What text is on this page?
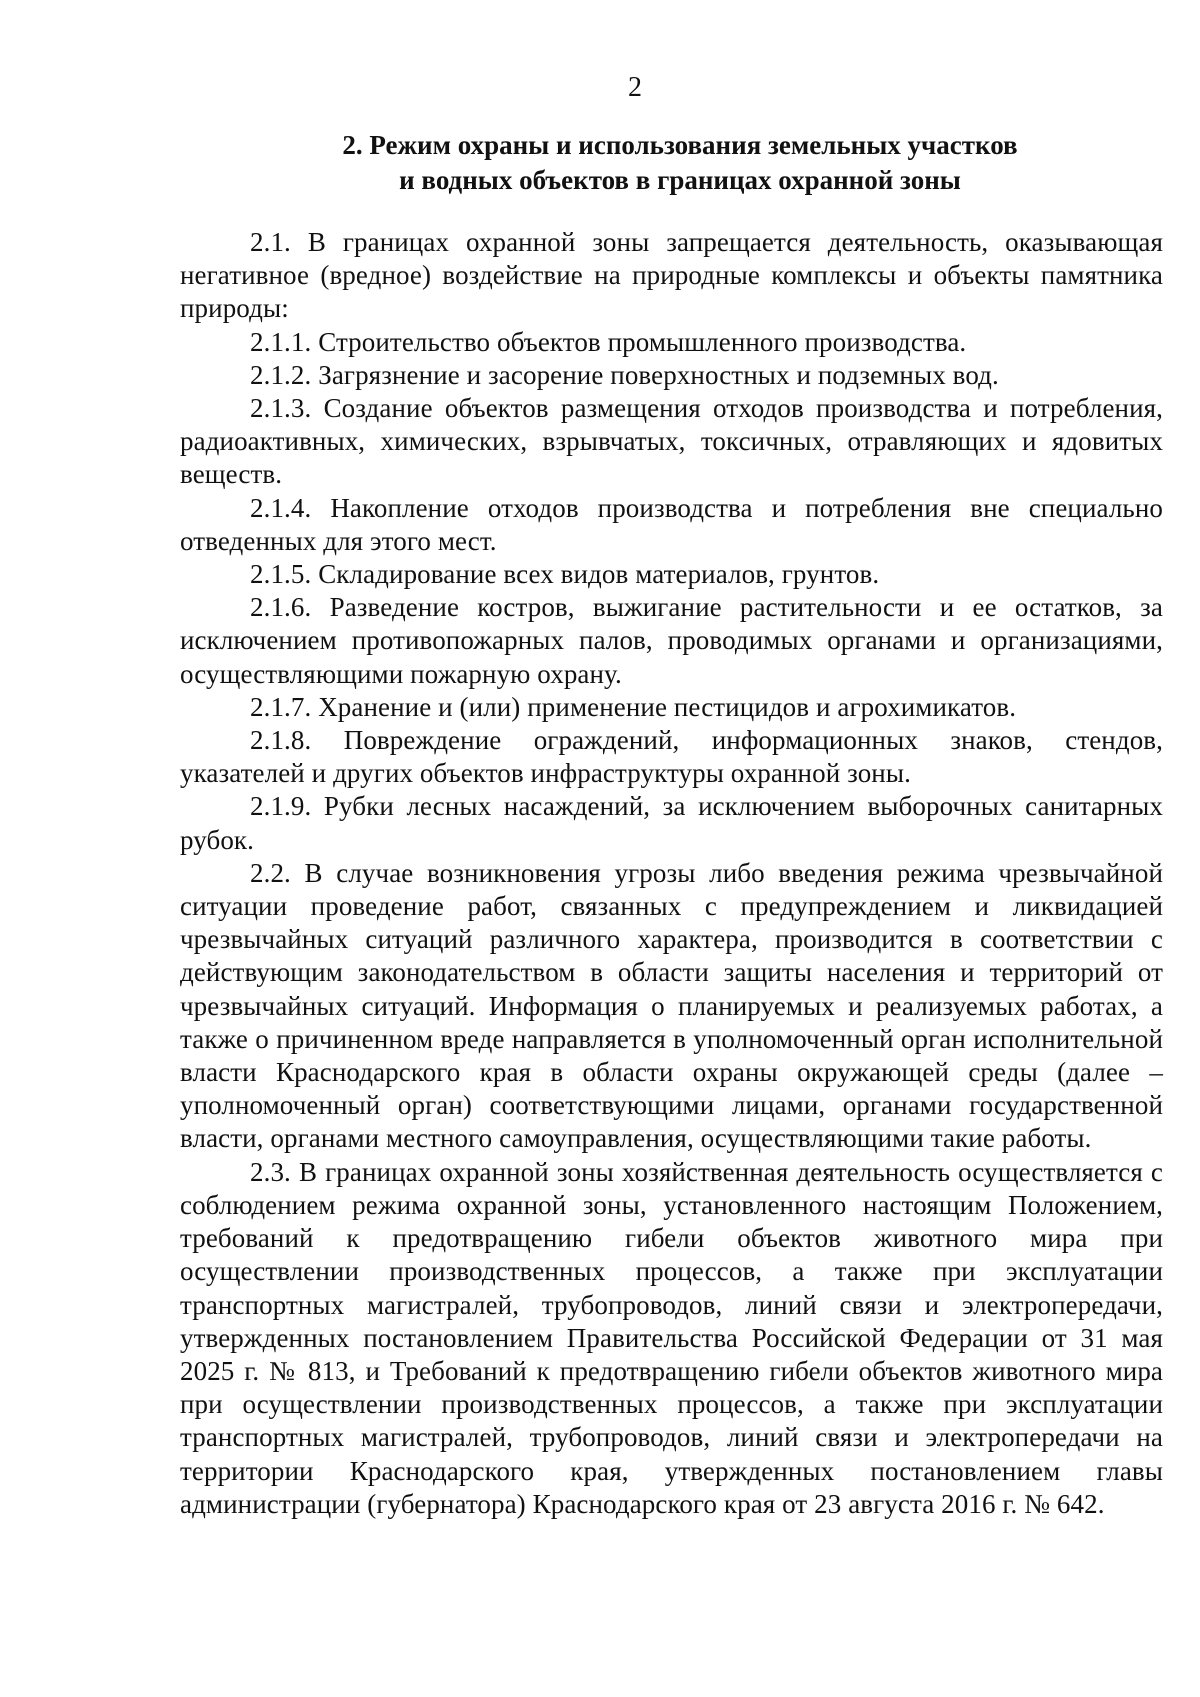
2
2. Режим охраны и использования земельных участков
и водных объектов в границах охранной зоны

2.1. В границах охранной зоны запрещается деятельность, оказывающая негативное (вредное) воздействие на природные комплексы и объекты памятника природы:

2.1.1. Строительство объектов промышленного производства.

2.1.2. Загрязнение и засорение поверхностных и подземных вод.

2.1.3. Создание объектов размещения отходов производства и потребления, радиоактивных, химических, взрывчатых, токсичных, отравляющих и ядовитых веществ.

2.1.4. Накопление отходов производства и потребления вне специально отведенных для этого мест.

2.1.5. Складирование всех видов материалов, грунтов.

2.1.6. Разведение костров, выжигание растительности и ее остатков, за исключением противопожарных палов, проводимых органами и организациями, осуществляющими пожарную охрану.

2.1.7. Хранение и (или) применение пестицидов и агрохимикатов.

2.1.8. Повреждение ограждений, информационных знаков, стендов, указателей и других объектов инфраструктуры охранной зоны.

2.1.9. Рубки лесных насаждений, за исключением выборочных санитарных рубок.

2.2. В случае возникновения угрозы либо введения режима чрезвычайной ситуации проведение работ, связанных с предупреждением и ликвидацией чрезвычайных ситуаций различного характера, производится в соответствии с действующим законодательством в области защиты населения и территорий от чрезвычайных ситуаций. Информация о планируемых и реализуемых работах, а также о причиненном вреде направляется в уполномоченный орган исполнительной власти Краснодарского края в области охраны окружающей среды (далее – уполномоченный орган) соответствующими лицами, органами государственной власти, органами местного самоуправления, осуществляющими такие работы.

2.3. В границах охранной зоны хозяйственная деятельность осуществляется с соблюдением режима охранной зоны, установленного настоящим Положением, требований к предотвращению гибели объектов животного мира при осуществлении производственных процессов, а также при эксплуатации транспортных магистралей, трубопроводов, линий связи и электропередачи, утвержденных постановлением Правительства Российской Федерации от 31 мая 2025 г. № 813, и Требований к предотвращению гибели объектов животного мира при осуществлении производственных процессов, а также при эксплуатации транспортных магистралей, трубопроводов, линий связи и электропередачи на территории Краснодарского края, утвержденных постановлением главы администрации (губернатора) Краснодарского края от 23 августа 2016 г. № 642.
